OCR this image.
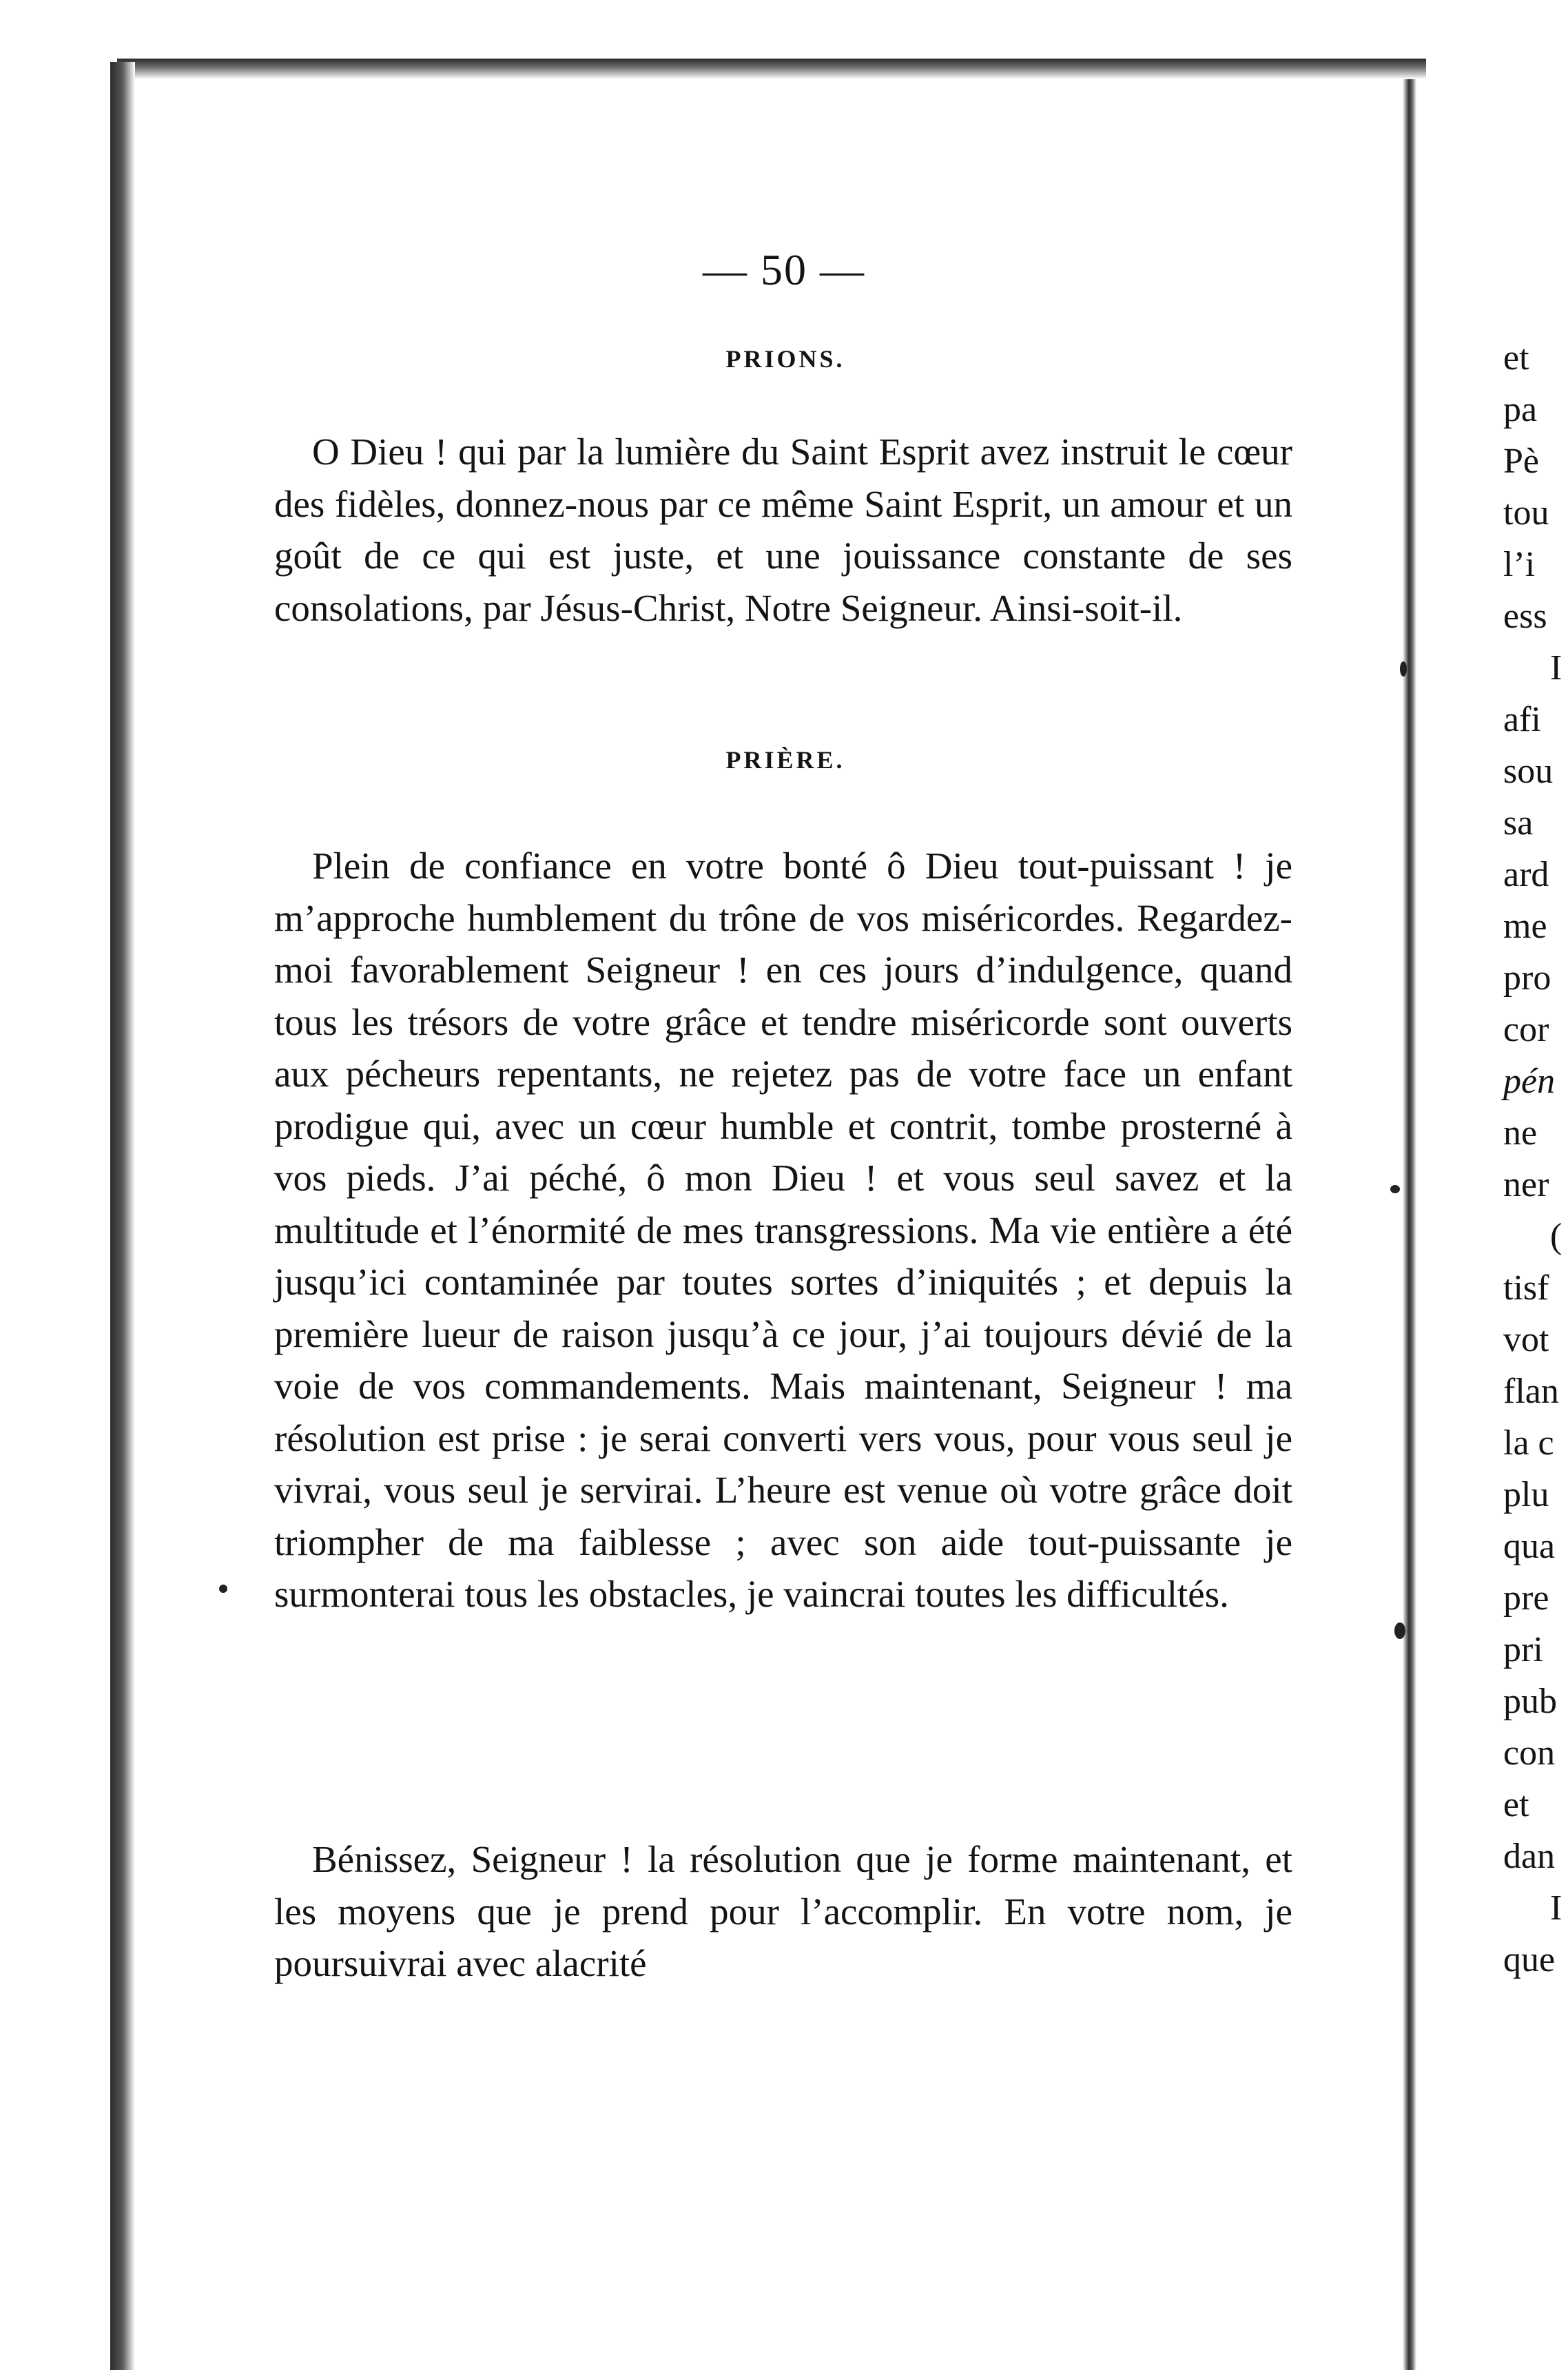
— 50 —
PRIONS.

O Dieu ! qui par la lumière du Saint Esprit avez instruit le cœur des fidèles, donnez-nous par ce même Saint Esprit, un amour et un goût de ce qui est juste, et une jouissance constante de ses consolations, par Jésus-Christ, Notre Seigneur. Ainsi-soit-il.

PRIÈRE.

Plein de confiance en votre bonté ô Dieu tout-puissant ! je m’approche humblement du trône de vos miséricordes. Regardez-moi favorablement Seigneur ! en ces jours d’indulgence, quand tous les trésors de votre grâce et tendre miséricorde sont ouverts aux pécheurs repentants, ne rejetez pas de votre face un enfant prodigue qui, avec un cœur humble et contrit, tombe prosterné à vos pieds. J’ai péché, ô mon Dieu ! et vous seul savez et la multitude et l’énormité de mes transgressions. Ma vie entière a été jusqu’ici contaminée par toutes sortes d’iniquités ; et depuis la première lueur de raison jusqu’à ce jour, j’ai toujours dévié de la voie de vos commandements. Mais maintenant, Seigneur ! ma résolution est prise : je serai converti vers vous, pour vous seul je vivrai, vous seul je servirai. L’heure est venue où votre grâce doit triompher de ma faiblesse ; avec son aide tout-puissante je surmonterai tous les obstacles, je vaincrai toutes les difficultés.

Bénissez, Seigneur ! la résolution que je forme maintenant, et les moyens que je prend pour l’accomplir. En votre nom, je poursuivrai avec alacrité

et
pa
Pè
tou
l’i
ess
I
afi
sou
sa
ard
me
pro
cor
pén
ne
ner
(
tisf
vot
flan
la c
plu
qua
pre
pri
pub
con
et
dan
I
que
